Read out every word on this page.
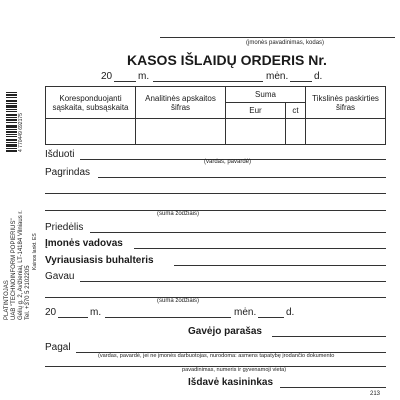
(įmonės pavadinimas, kodas)
KASOS IŠLAIDŲ ORDERIS Nr.
20	m.	mėn.	d.
Koresponduojanti sąskaita, subsąskaita	Analitinės apskaitos šifras	Suma		Tikslinės paskirties šifras
		Eur	ct	

4 770449 692175
PLATINTOJAS UAB "TECHNOINFORM POPIERIUS" Gėlių g. 2, Avižieniai, LT-14184 Vilniaus r. Tel. +370 5 2102205
Kainos lankt. ES
Išduoti
(vardas, pavardė)
Pagrindas
(suma žodžiais)
Priedėlis
Įmonės vadovas
Vyriausiasis buhalteris
Gavau
(suma žodžiais)
20	m.	mėn.	d.
Gavėjo parašas
Pagal
(vardas, pavardė, jei ne įmonės darbuotojas, nurodoma: asmens tapatybę įrodančio dokumento
pavadinimas, numeris ir gyvenamoji vieta)
Išdavė kasininkas
213
